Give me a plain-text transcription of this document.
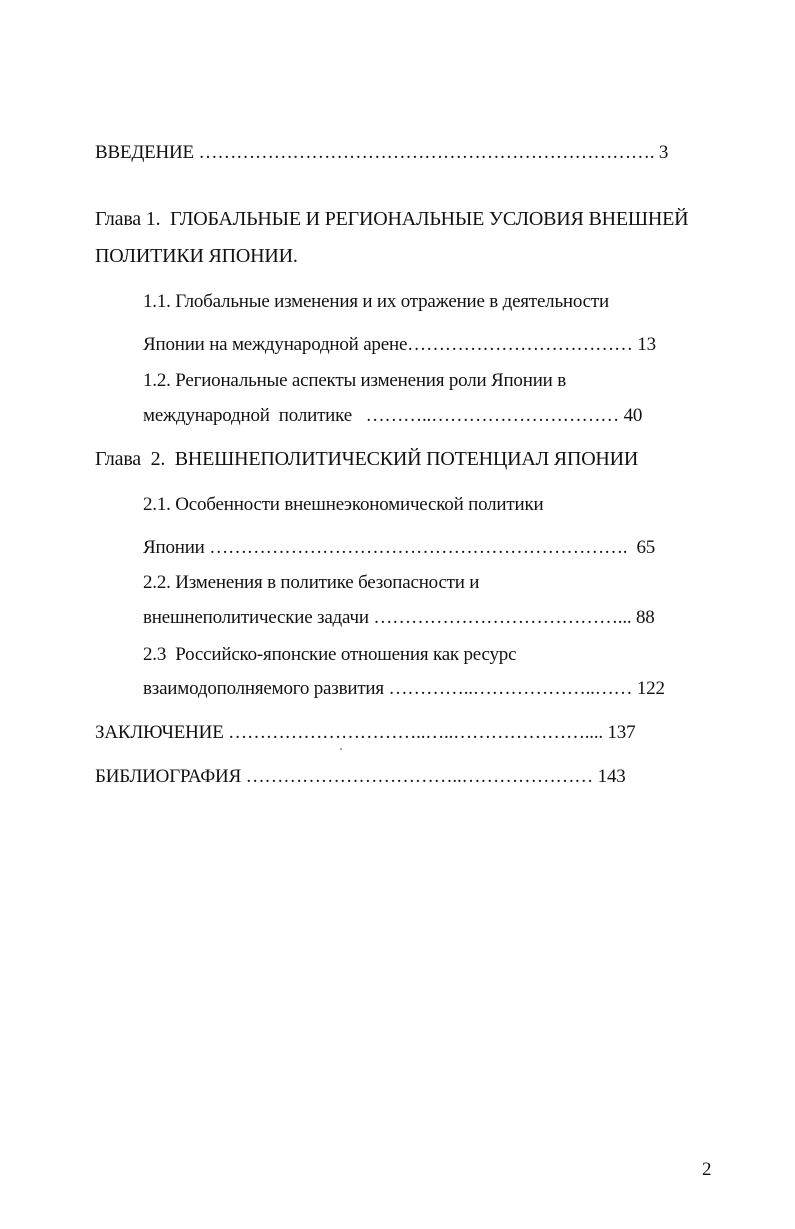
ВВЕДЕНИЕ ………………………………………………………………. 3
Глава 1.  ГЛОБАЛЬНЫЕ И РЕГИОНАЛЬНЫЕ УСЛОВИЯ ВНЕШНЕЙ
ПОЛИТИКИ ЯПОНИИ.
1.1. Глобальные изменения и их отражение в деятельности
Японии на международной арене……………………………… 13
1.2. Региональные аспекты изменения роли Японии в
международной  политике   ………..………………………… 40
Глава  2.  ВНЕШНЕПОЛИТИЧЕСКИЙ ПОТЕНЦИАЛ ЯПОНИИ
2.1. Особенности внешнеэкономической политики
Японии ………………………………………………………….  65
2.2. Изменения в политике безопасности и
внешнеполитические задачи …………………………………... 88
2.3  Российско-японские отношения как ресурс
взаимодополняемого развития …………..………………..…… 122
ЗАКЛЮЧЕНИЕ …………………………..…..………………….... 137
БИБЛИОГРАФИЯ ……………………………..………………… 143
2
